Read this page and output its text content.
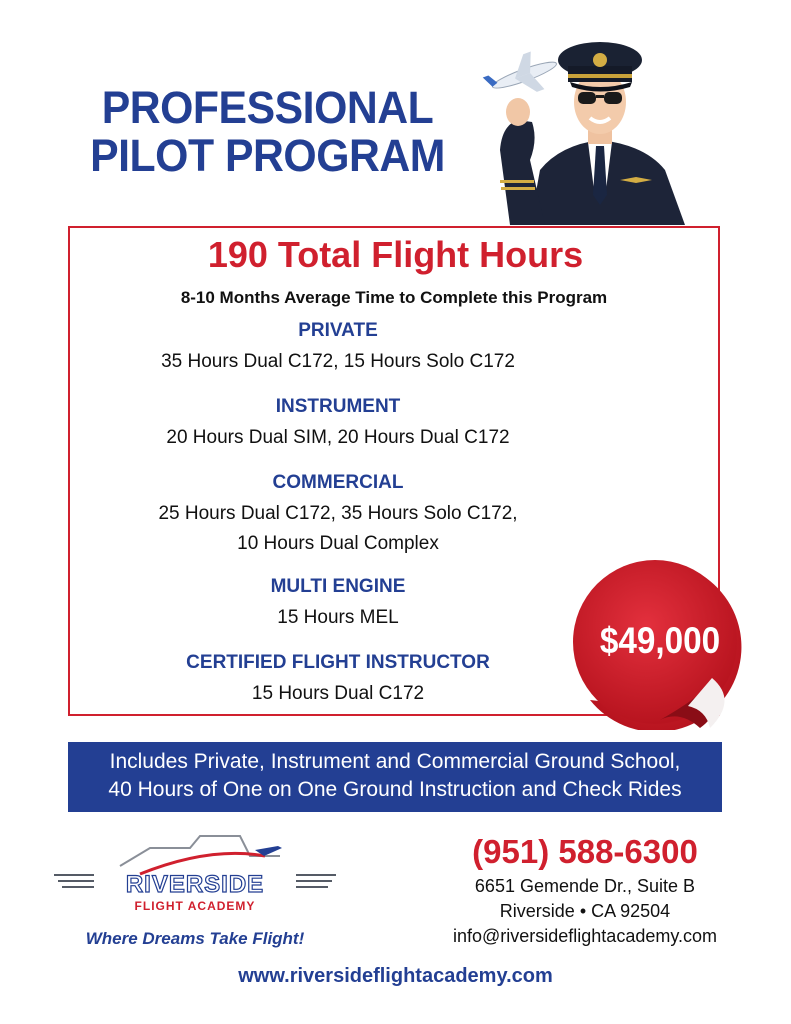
PROFESSIONAL
PILOT PROGRAM
190 Total Flight Hours
8-10 Months Average Time to Complete this Program
PRIVATE
35 Hours Dual C172, 15 Hours Solo C172
INSTRUMENT
20 Hours Dual SIM, 20 Hours Dual C172
COMMERCIAL
25 Hours Dual C172, 35 Hours Solo C172,
10 Hours Dual Complex
MULTI ENGINE
15 Hours MEL
CERTIFIED FLIGHT INSTRUCTOR
15 Hours Dual C172
$49,000
Includes Private, Instrument and Commercial Ground School,
40 Hours of One on One Ground Instruction and Check Rides
RIVERSIDE
FLIGHT ACADEMY
Where Dreams Take Flight!
(951) 588-6300
6651 Gemende Dr., Suite B
Riverside • CA 92504
info@riversideflightacademy.com
www.riversideflightacademy.com
